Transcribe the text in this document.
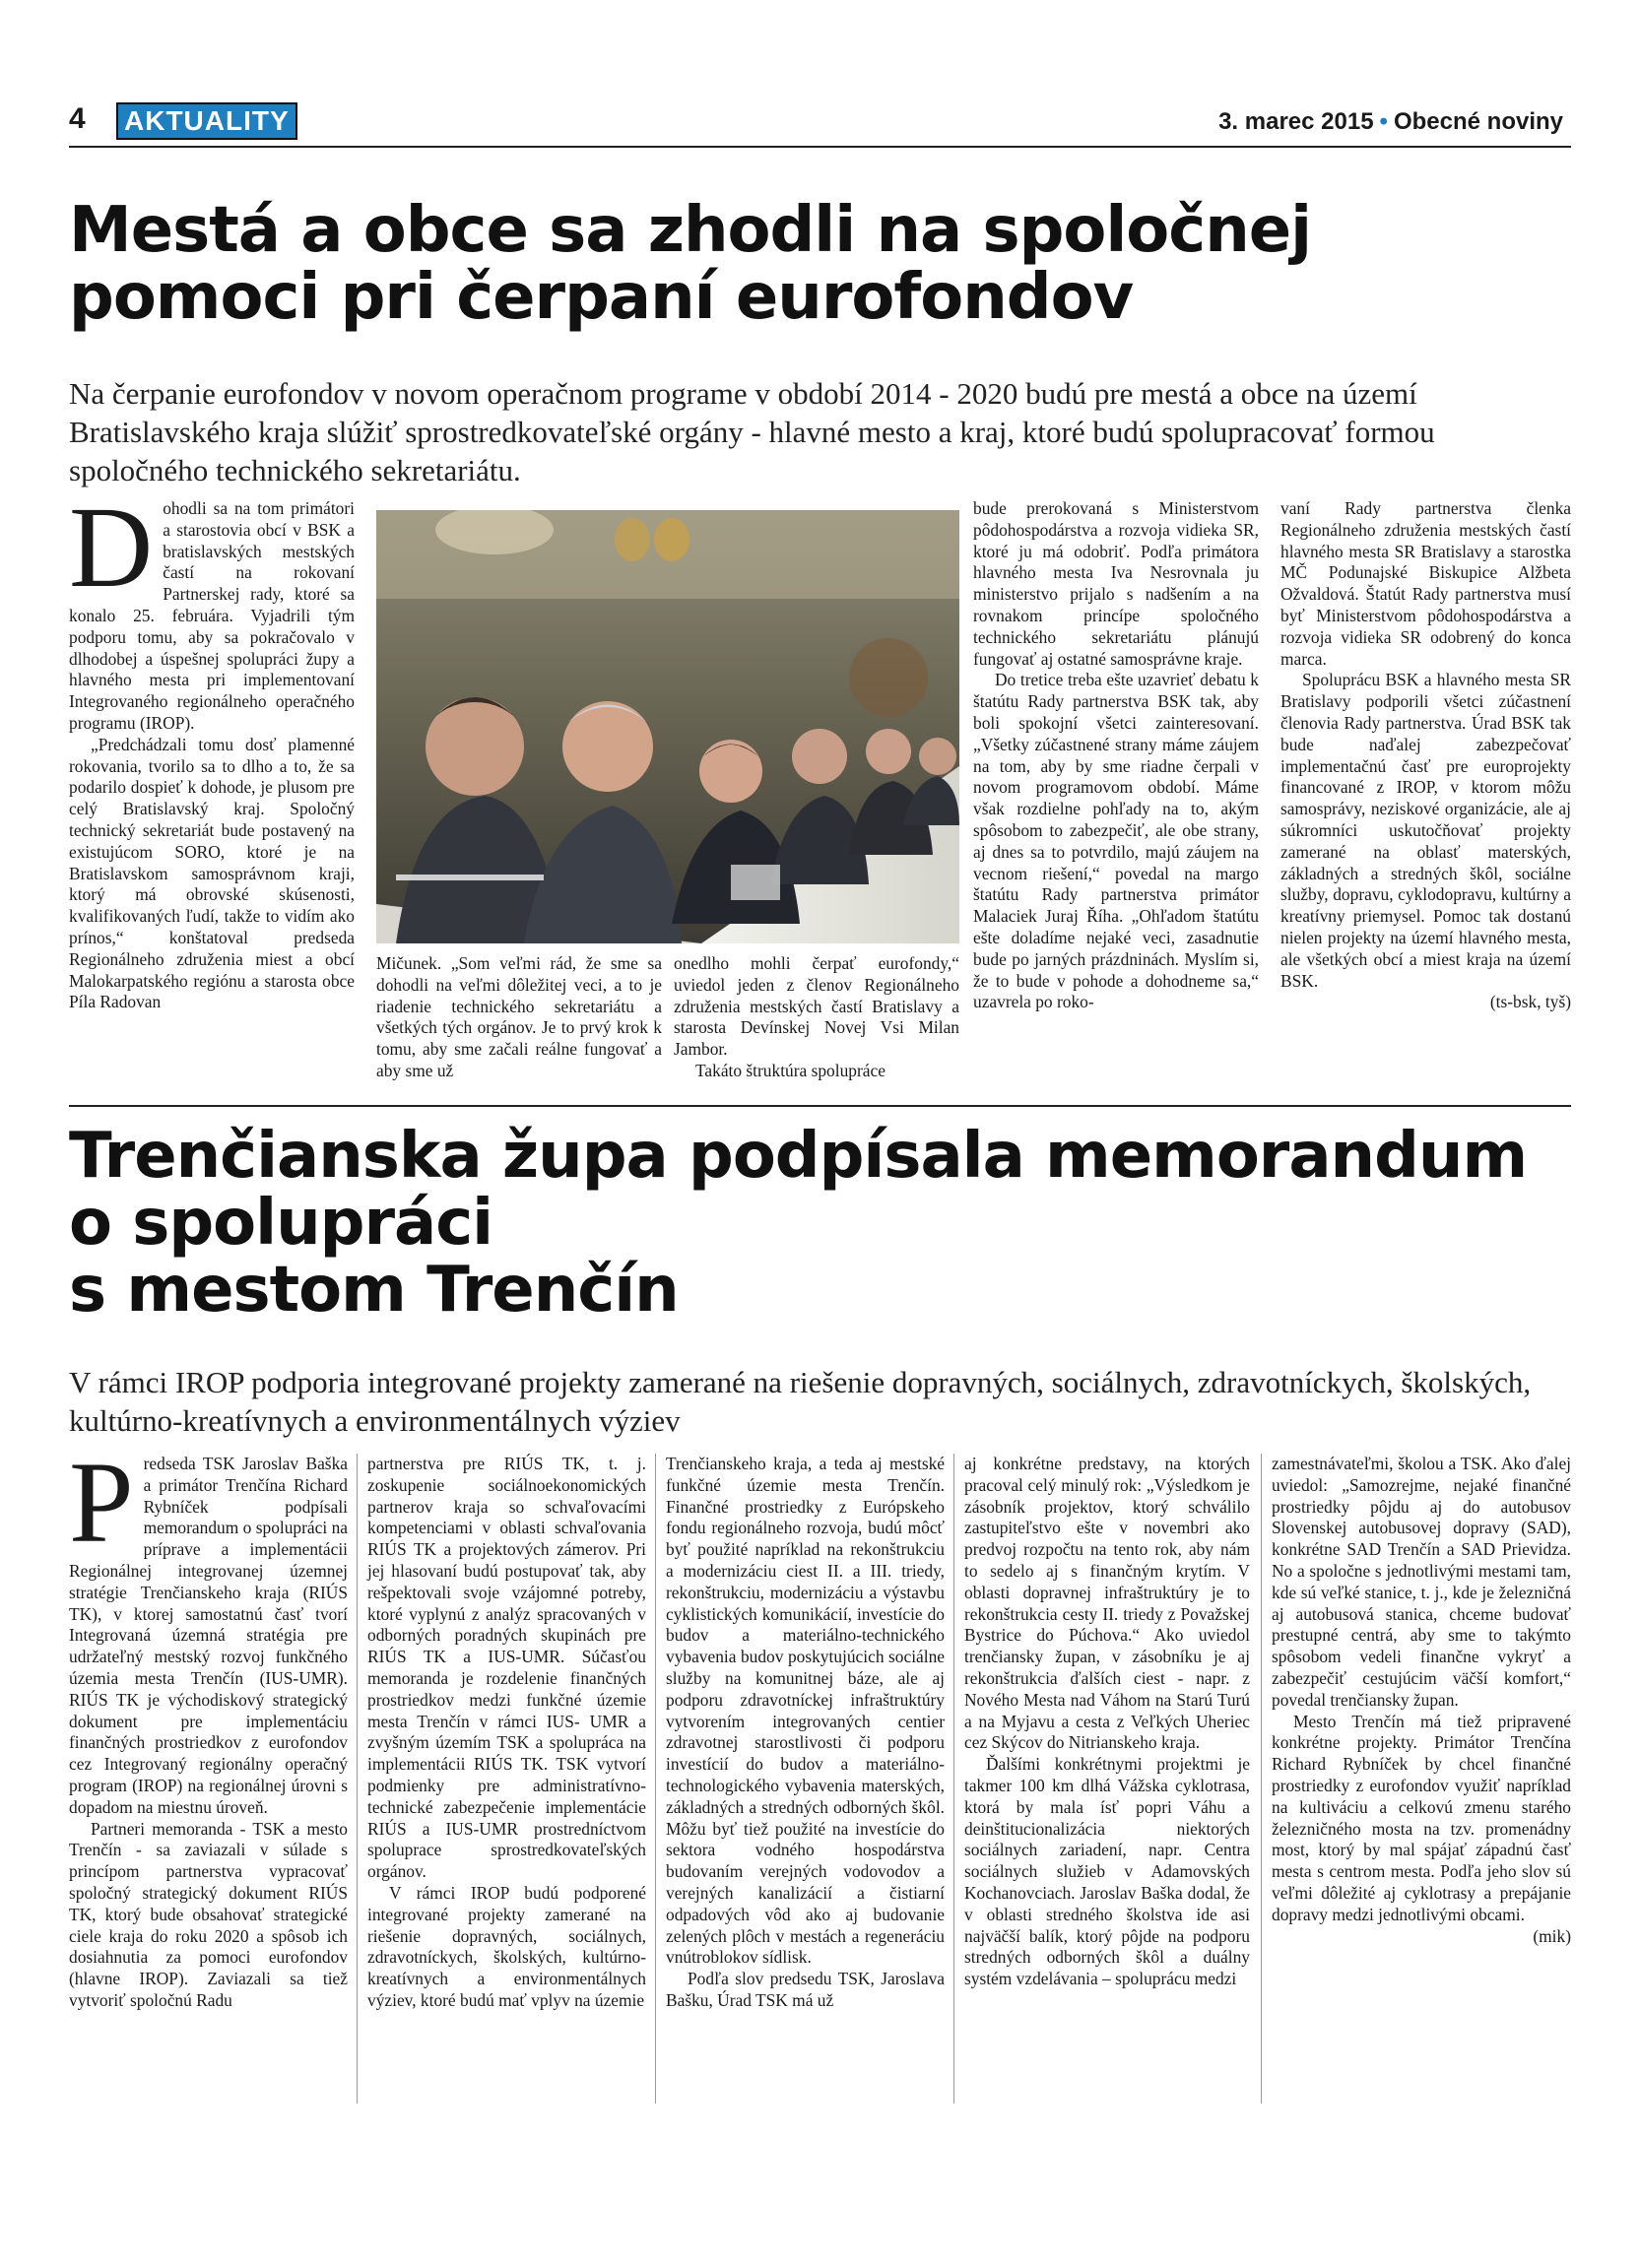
4 AKTUALITY	3. marec 2015 • Obecné noviny
Mestá a obce sa zhodli na spoločnej
pomoci pri čerpaní eurofondov
Na čerpanie eurofondov v novom operačnom programe v období 2014 - 2020 budú pre mestá a obce na území Bratislavského kraja slúžiť sprostredkovateľské orgány - hlavné mesto a kraj, ktoré budú spolupracovať formou spoločného technického sekretariátu.
D ohodli sa na tom primátori a starostovia obcí v BSK a bratislavských mestských častí na rokovaní Partnerskej rady, ktoré sa konalo 25. februára. Vyjadrili tým podporu tomu, aby sa pokračovalo v dlhodobej a úspešnej spolupráci župy a hlavného mesta pri implementovaní Integrovaného regionálneho operačného programu (IROP).

„Predchádzali tomu dosť plamenné rokovania, tvorilo sa to dlho a to, že sa podarilo dospieť k dohode, je plusom pre celý Bratislavský kraj. Spoločný technický sekretariát bude postavený na existujúcom SORO, ktoré je na Bratislavskom samosprávnom kraji, ktorý má obrovské skúsenosti, kvalifikovaných ľudí, takže to vidím ako prínos,“ konštatoval predseda Regionálneho združenia miest a obcí Malokarpatského regiónu a starosta obce Píla Radovan

Mičunek. „Som veľmi rád, že sme sa dohodli na veľmi dôležitej veci, a to je riadenie technického sekretariátu a všetkých tých orgánov. Je to prvý krok k tomu, aby sme začali reálne fungovať a aby sme už

onedlho mohli čerpať eurofondy,“ uviedol jeden z členov Regionálneho združenia mestských častí Bratislavy a starosta Devínskej Novej Vsi Milan Jambor.

Takáto štruktúra spolupráce

bude prerokovaná s Ministerstvom pôdohospodárstva a rozvoja vidieka SR, ktoré ju má odobriť. Podľa primátora hlavného mesta Iva Nesrovnala ju ministerstvo prijalo s nadšením a na rovnakom princípe spoločného technického sekretariátu plánujú fungovať aj ostatné samosprávne kraje.

Do tretice treba ešte uzavrieť debatu k štatútu Rady partnerstva BSK tak, aby boli spokojní všetci zainteresovaní. „Všetky zúčastnené strany máme záujem na tom, aby by sme riadne čerpali v novom programovom období. Máme však rozdielne pohľady na to, akým spôsobom to zabezpečiť, ale obe strany, aj dnes sa to potvrdilo, majú záujem na vecnom riešení,“ povedal na margo štatútu Rady partnerstva primátor Malaciek Juraj Říha. „Ohľadom štatútu ešte doladíme nejaké veci, zasadnutie bude po jarných prázdninách. Myslím si, že to bude v pohode a dohodneme sa,“ uzavrela po roko-

vaní Rady partnerstva členka Regionálneho združenia mestských častí hlavného mesta SR Bratislavy a starostka MČ Podunajské Biskupice Alžbeta Ožvaldová. Štatút Rady partnerstva musí byť Ministerstvom pôdohospodárstva a rozvoja vidieka SR odobrený do konca marca.

Spoluprácu BSK a hlavného mesta SR Bratislavy podporili všetci zúčastnení členovia Rady partnerstva. Úrad BSK tak bude naďalej zabezpečovať implementačnú časť pre europrojekty financované z IROP, v ktorom môžu samosprávy, neziskové organizácie, ale aj súkromníci uskutočňovať projekty zamerané na oblasť materských, základných a stredných škôl, sociálne služby, dopravu, cyklodopravu, kultúrny a kreatívny priemysel. Pomoc tak dostanú nielen projekty na území hlavného mesta, ale všetkých obcí a miest kraja na území BSK.

(ts-bsk, tyš)
Trenčianska župa podpísala memorandum
o spolupráci
s mestom Trenčín
V rámci IROP podporia integrované projekty zamerané na riešenie dopravných, sociálnych, zdravotníckych, školských, kultúrno-kreatívnych a environmentálnych výziev
P redseda TSK Jaroslav Baška a primátor Trenčína Richard Rybníček podpísali memorandum o spolupráci na príprave a implementácii Regionálnej integrovanej územnej stratégie Trenčianskeho kraja (RIÚS TK), v ktorej samostatnú časť tvorí Integrovaná územná stratégia pre udržateľný mestský rozvoj funkčného územia mesta Trenčín (IUS-UMR). RIÚS TK je východiskový strategický dokument pre implementáciu finančných prostriedkov z eurofondov cez Integrovaný regionálny operačný program (IROP) na regionálnej úrovni s dopadom na miestnu úroveň.

Partneri memoranda - TSK a mesto Trenčín - sa zaviazali v súlade s princípom partnerstva vypracovať spoločný strategický dokument RIÚS TK, ktorý bude obsahovať strategické ciele kraja do roku 2020 a spôsob ich dosiahnutia za pomoci eurofondov (hlavne IROP). Zaviazali sa tiež vytvoriť spoločnú Radu

partnerstva pre RIÚS TK, t. j. zoskupenie sociálnoekonomických partnerov kraja so schvaľovacími kompetenciami v oblasti schvaľovania RIÚS TK a projektových zámerov. Pri jej hlasovaní budú postupovať tak, aby rešpektovali svoje vzájomné potreby, ktoré vyplynú z analýz spracovaných v odborných poradných skupinách pre RIÚS TK a IUS-UMR. Súčasťou memoranda je rozdelenie finančných prostriedkov medzi funkčné územie mesta Trenčín v rámci IUS- UMR a zvyšným územím TSK a spolupráca na implementácii RIÚS TK. TSK vytvorí podmienky pre administratívno-technické zabezpečenie implementácie RIÚS a IUS-UMR prostredníctvom spoluprace sprostredkovateľských orgánov.

V rámci IROP budú podporené integrované projekty zamerané na riešenie dopravných, sociálnych, zdravotníckych, školských, kultúrno-kreatívnych a environmentálnych výziev, ktoré budú mať vplyv na územie

Trenčianskeho kraja, a teda aj mestské funkčné územie mesta Trenčín. Finančné prostriedky z Európskeho fondu regionálneho rozvoja, budú môcť byť použité napríklad na rekonštrukciu a modernizáciu ciest II. a III. triedy, rekonštrukciu, modernizáciu a výstavbu cyklistických komunikácií, investície do budov a materiálno-technického vybavenia budov poskytujúcich sociálne služby na komunitnej báze, ale aj podporu zdravotníckej infraštruktúry vytvorením integrovaných centier zdravotnej starostlivosti či podporu investícií do budov a materiálno-technologického vybavenia materských, základných a stredných odborných škôl. Môžu byť tiež použité na investície do sektora vodného hospodárstva budovaním verejných vodovodov a verejných kanalizácií a čistiarní odpadových vôd ako aj budovanie zelených plôch v mestách a regeneráciu vnútroblokov sídlisk.

Podľa slov predsedu TSK, Jaroslava Bašku, Úrad TSK má už

aj konkrétne predstavy, na ktorých pracoval celý minulý rok: „Výsledkom je zásobník projektov, ktorý schválilo zastupiteľstvo ešte v novembri ako predvoj rozpočtu na tento rok, aby nám to sedelo aj s finančným krytím. V oblasti dopravnej infraštruktúry je to rekonštrukcia cesty II. triedy z Považskej Bystrice do Púchova.“ Ako uviedol trenčiansky župan, v zásobníku je aj rekonštrukcia ďalších ciest - napr. z Nového Mesta nad Váhom na Starú Turú a na Myjavu a cesta z Veľkých Uheriec cez Skýcov do Nitrianskeho kraja.

Ďalšími konkrétnymi projektmi je takmer 100 km dlhá Vážska cyklotrasa, ktorá by mala ísť popri Váhu a deinštitucionalizácia niektorých sociálnych zariadení, napr. Centra sociálnych služieb v Adamovských Kochanovciach. Jaroslav Baška dodal, že v oblasti stredného školstva ide asi najväčší balík, ktorý pôjde na podporu stredných odborných škôl a duálny systém vzdelávania – spoluprácu medzi

zamestnávateľmi, školou a TSK. Ako ďalej uviedol: „Samozrejme, nejaké finančné prostriedky pôjdu aj do autobusov Slovenskej autobusovej dopravy (SAD), konkrétne SAD Trenčín a SAD Prievidza. No a spoločne s jednotlivými mestami tam, kde sú veľké stanice, t. j., kde je železničná aj autobusová stanica, chceme budovať prestupné centrá, aby sme to takýmto spôsobom vedeli finančne vykryť a zabezpečiť cestujúcim väčší komfort,“ povedal trenčiansky župan.

Mesto Trenčín má tiež pripravené konkrétne projekty. Primátor Trenčína Richard Rybníček by chcel finančné prostriedky z eurofondov využiť napríklad na kultiváciu a celkovú zmenu starého železničného mosta na tzv. promenádny most, ktorý by mal spájať západnú časť mesta s centrom mesta. Podľa jeho slov sú veľmi dôležité aj cyklotrasy a prepájanie dopravy medzi jednotlivými obcami.

(mik)
